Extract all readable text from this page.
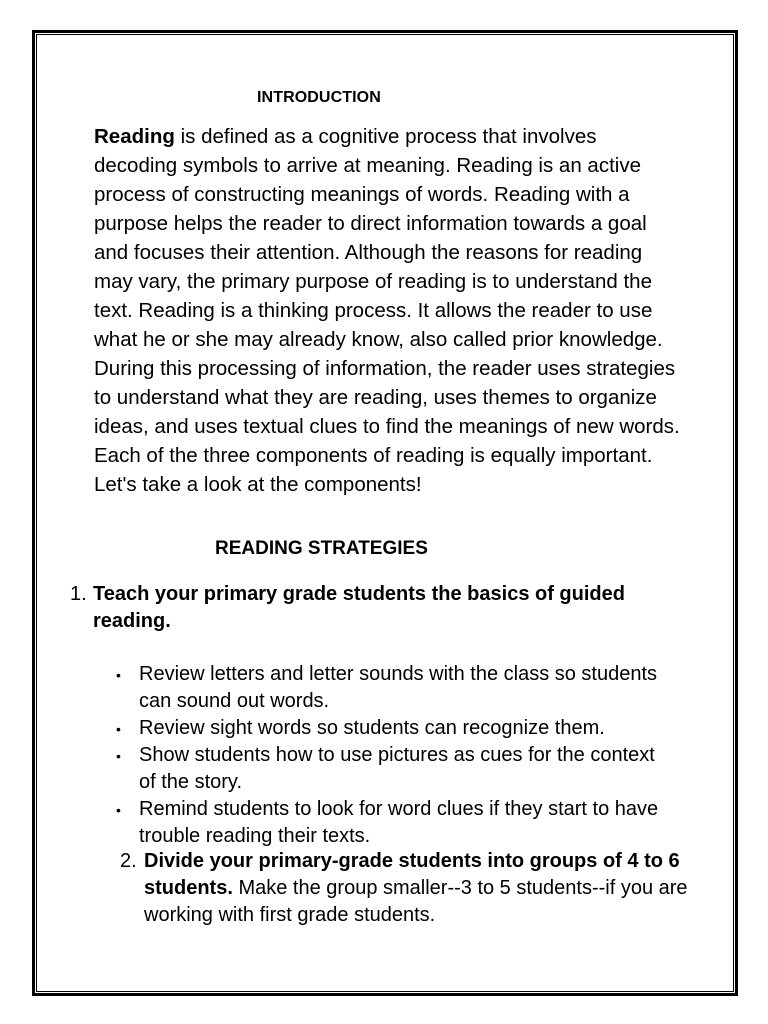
INTRODUCTION

Reading is defined as a cognitive process that involves decoding symbols to arrive at meaning. Reading is an active process of constructing meanings of words. Reading with a purpose helps the reader to direct information towards a goal and focuses their attention. Although the reasons for reading may vary, the primary purpose of reading is to understand the text. Reading is a thinking process. It allows the reader to use what he or she may already know, also called prior knowledge. During this processing of information, the reader uses strategies to understand what they are reading, uses themes to organize ideas, and uses textual clues to find the meanings of new words. Each of the three components of reading is equally important. Let's take a look at the components!

READING STRATEGIES
1. Teach your primary grade students the basics of guided reading.
• Review letters and letter sounds with the class so students can sound out words.
• Review sight words so students can recognize them.
• Show students how to use pictures as cues for the context of the story.
• Remind students to look for word clues if they start to have trouble reading their texts.
2. Divide your primary-grade students into groups of 4 to 6 students. Make the group smaller--3 to 5 students--if you are working with first grade students.
